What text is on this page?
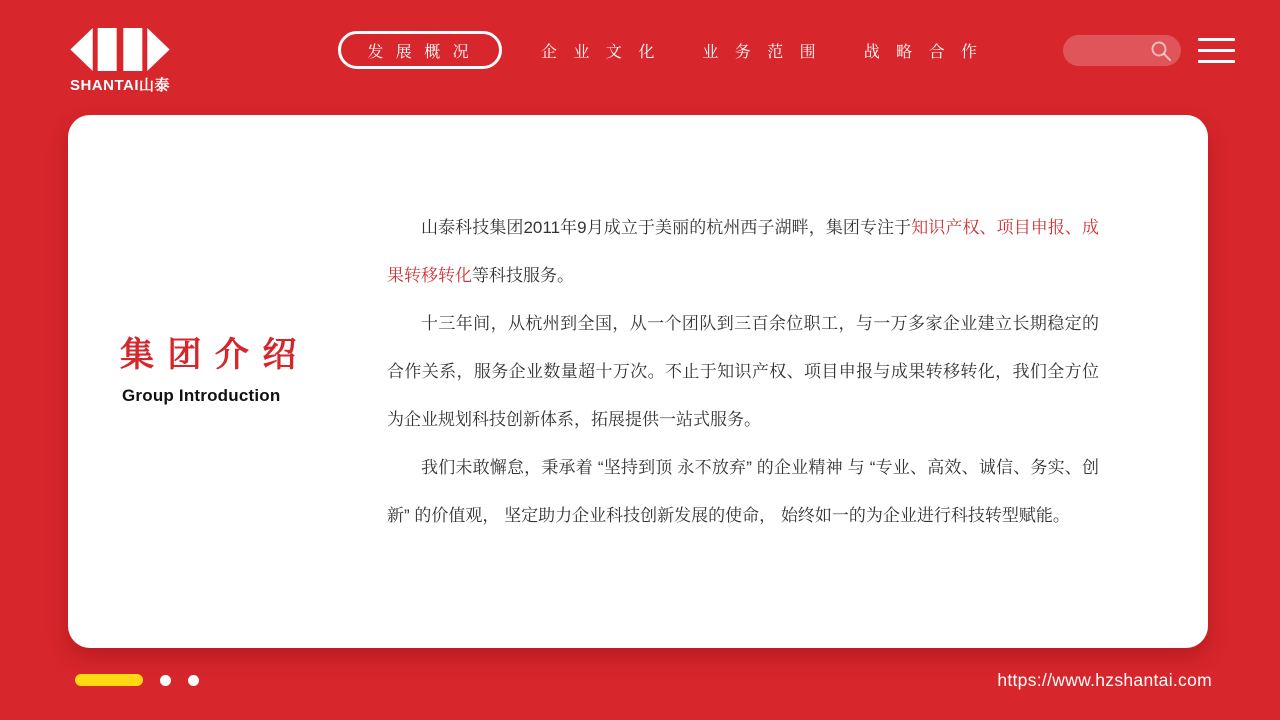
SHANTAI山泰
发 展 概 况	企 业 文 化	业 务 范 围	战 略 合 作
集 团 介 绍
Group Introduction

山泰科技集团2011年9月成立于美丽的杭州西子湖畔，集团专注于知识产权、项目申报、成果转移转化等科技服务。

十三年间，从杭州到全国，从一个团队到三百余位职工，与一万多家企业建立长期稳定的合作关系，服务企业数量超十万次。不止于知识产权、项目申报与成果转移转化，我们全方位为企业规划科技创新体系，拓展提供一站式服务。

我们未敢懈怠，秉承着 “坚持到顶 永不放弃” 的企业精神 与 “专业、高效、诚信、务实、创新” 的价值观， 坚定助力企业科技创新发展的使命， 始终如一的为企业进行科技转型赋能。

https://www.hzshantai.com
